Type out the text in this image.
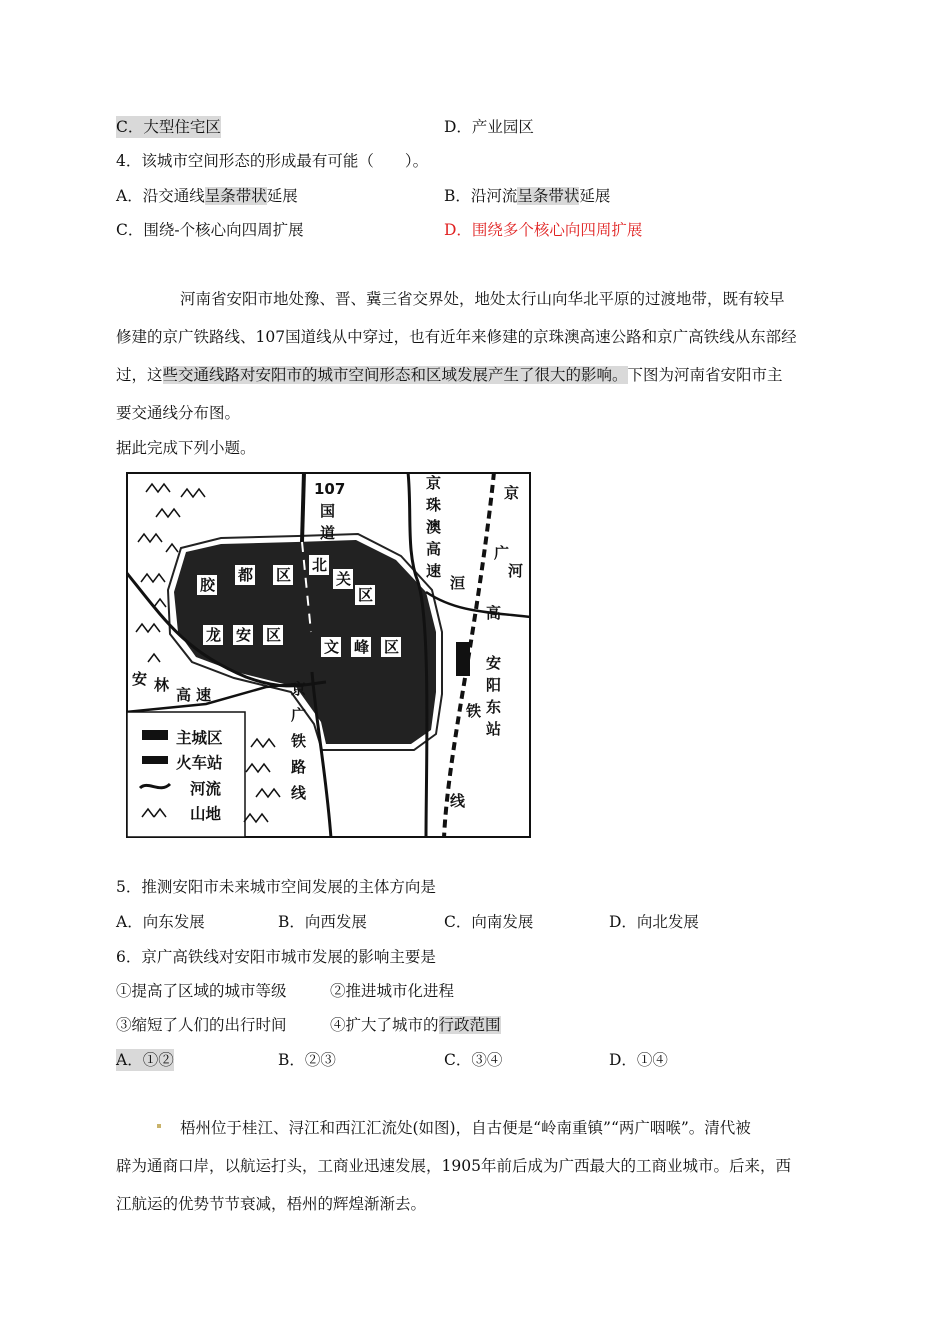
C．大型住宅区	D．产业园区
4．该城市空间形态的形成最有可能（　　）。
A．沿交通线呈条带状延展	B．沿河流呈条带状延展
C．围绕-个核心向四周扩展	D．围绕多个核心向四周扩展
河南省安阳市地处豫、晋、冀三省交界处，地处太行山向华北平原的过渡地带，既有较早
修建的京广铁路线、107国道线从中穿过，也有近年来修建的京珠澳高速公路和京广高铁线从东部经
过，这些交通线路对安阳市的城市空间形态和区域发展产生了很大的影响。下图为河南省安阳市主
要交通线分布图。
据此完成下列小题。
107
国
道
京
珠
澳
高
速
京
广
河
洹
高
铁
线
安
阳
东
站
胶
都 区
北
关
区
龙 安 区
文 峰 区
安 林
高 速	京
广
铁
路
线
主城区
火车站
河流
山地
5．推测安阳市未来城市空间发展的主体方向是
A．向东发展	B．向西发展	C．向南发展	D．向北发展
6．京广高铁线对安阳市城市发展的影响主要是
①提高了区域的城市等级	②推进城市化进程
③缩短了人们的出行时间	④扩大了城市的行政范围
A．①②	B．②③	C．③④	D．①④
梧州位于桂江、浔江和西江汇流处(如图)，自古便是“岭南重镇”“两广咽喉”。清代被
辟为通商口岸，以航运打头，工商业迅速发展，1905年前后成为广西最大的工商业城市。后来，西
江航运的优势节节衰减，梧州的辉煌渐渐去。
